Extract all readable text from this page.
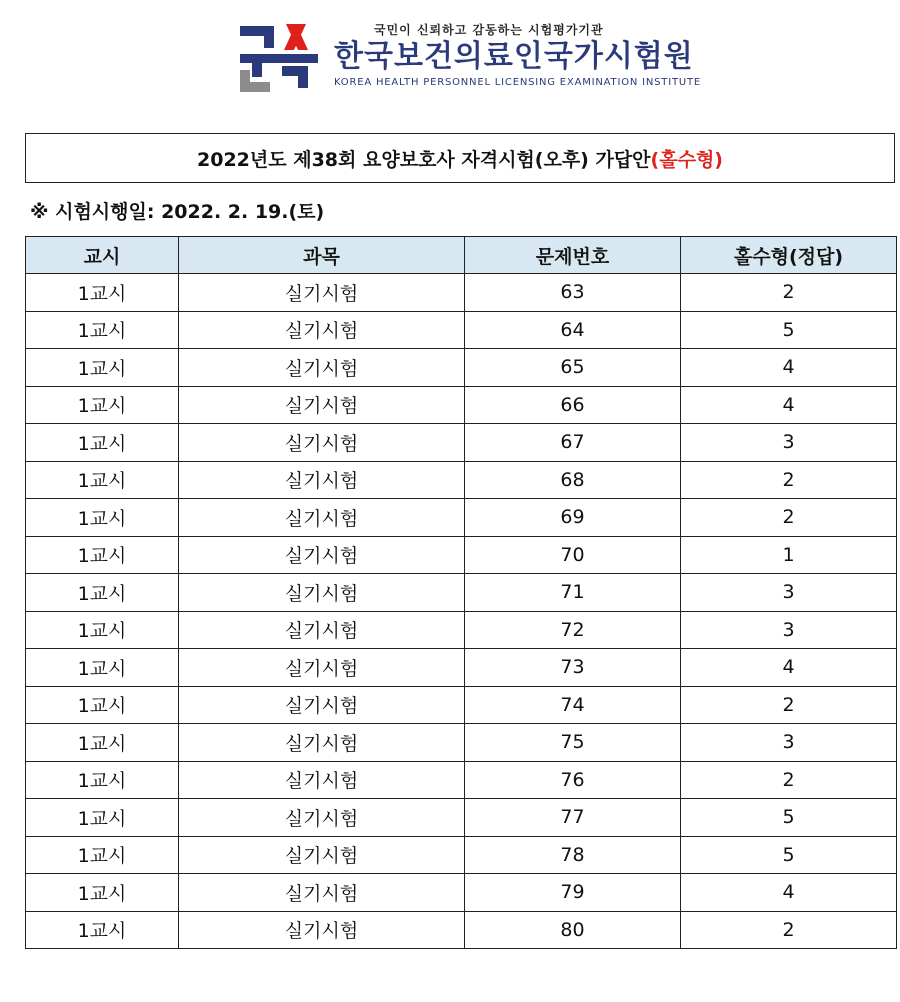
국민이 신뢰하고 감동하는 시험평가기관
한국보건의료인국가시험원
KOREA HEALTH PERSONNEL LICENSING EXAMINATION INSTITUTE
2022년도 제38회 요양보호사 자격시험(오후) 가답안 (홀수형)
※ 시험시행일: 2022. 2. 19.(토)
교시	과목	문제번호	홀수형(정답)
1교시	실기시험	63	2
1교시	실기시험	64	5
1교시	실기시험	65	4
1교시	실기시험	66	4
1교시	실기시험	67	3
1교시	실기시험	68	2
1교시	실기시험	69	2
1교시	실기시험	70	1
1교시	실기시험	71	3
1교시	실기시험	72	3
1교시	실기시험	73	4
1교시	실기시험	74	2
1교시	실기시험	75	3
1교시	실기시험	76	2
1교시	실기시험	77	5
1교시	실기시험	78	5
1교시	실기시험	79	4
1교시	실기시험	80	2
